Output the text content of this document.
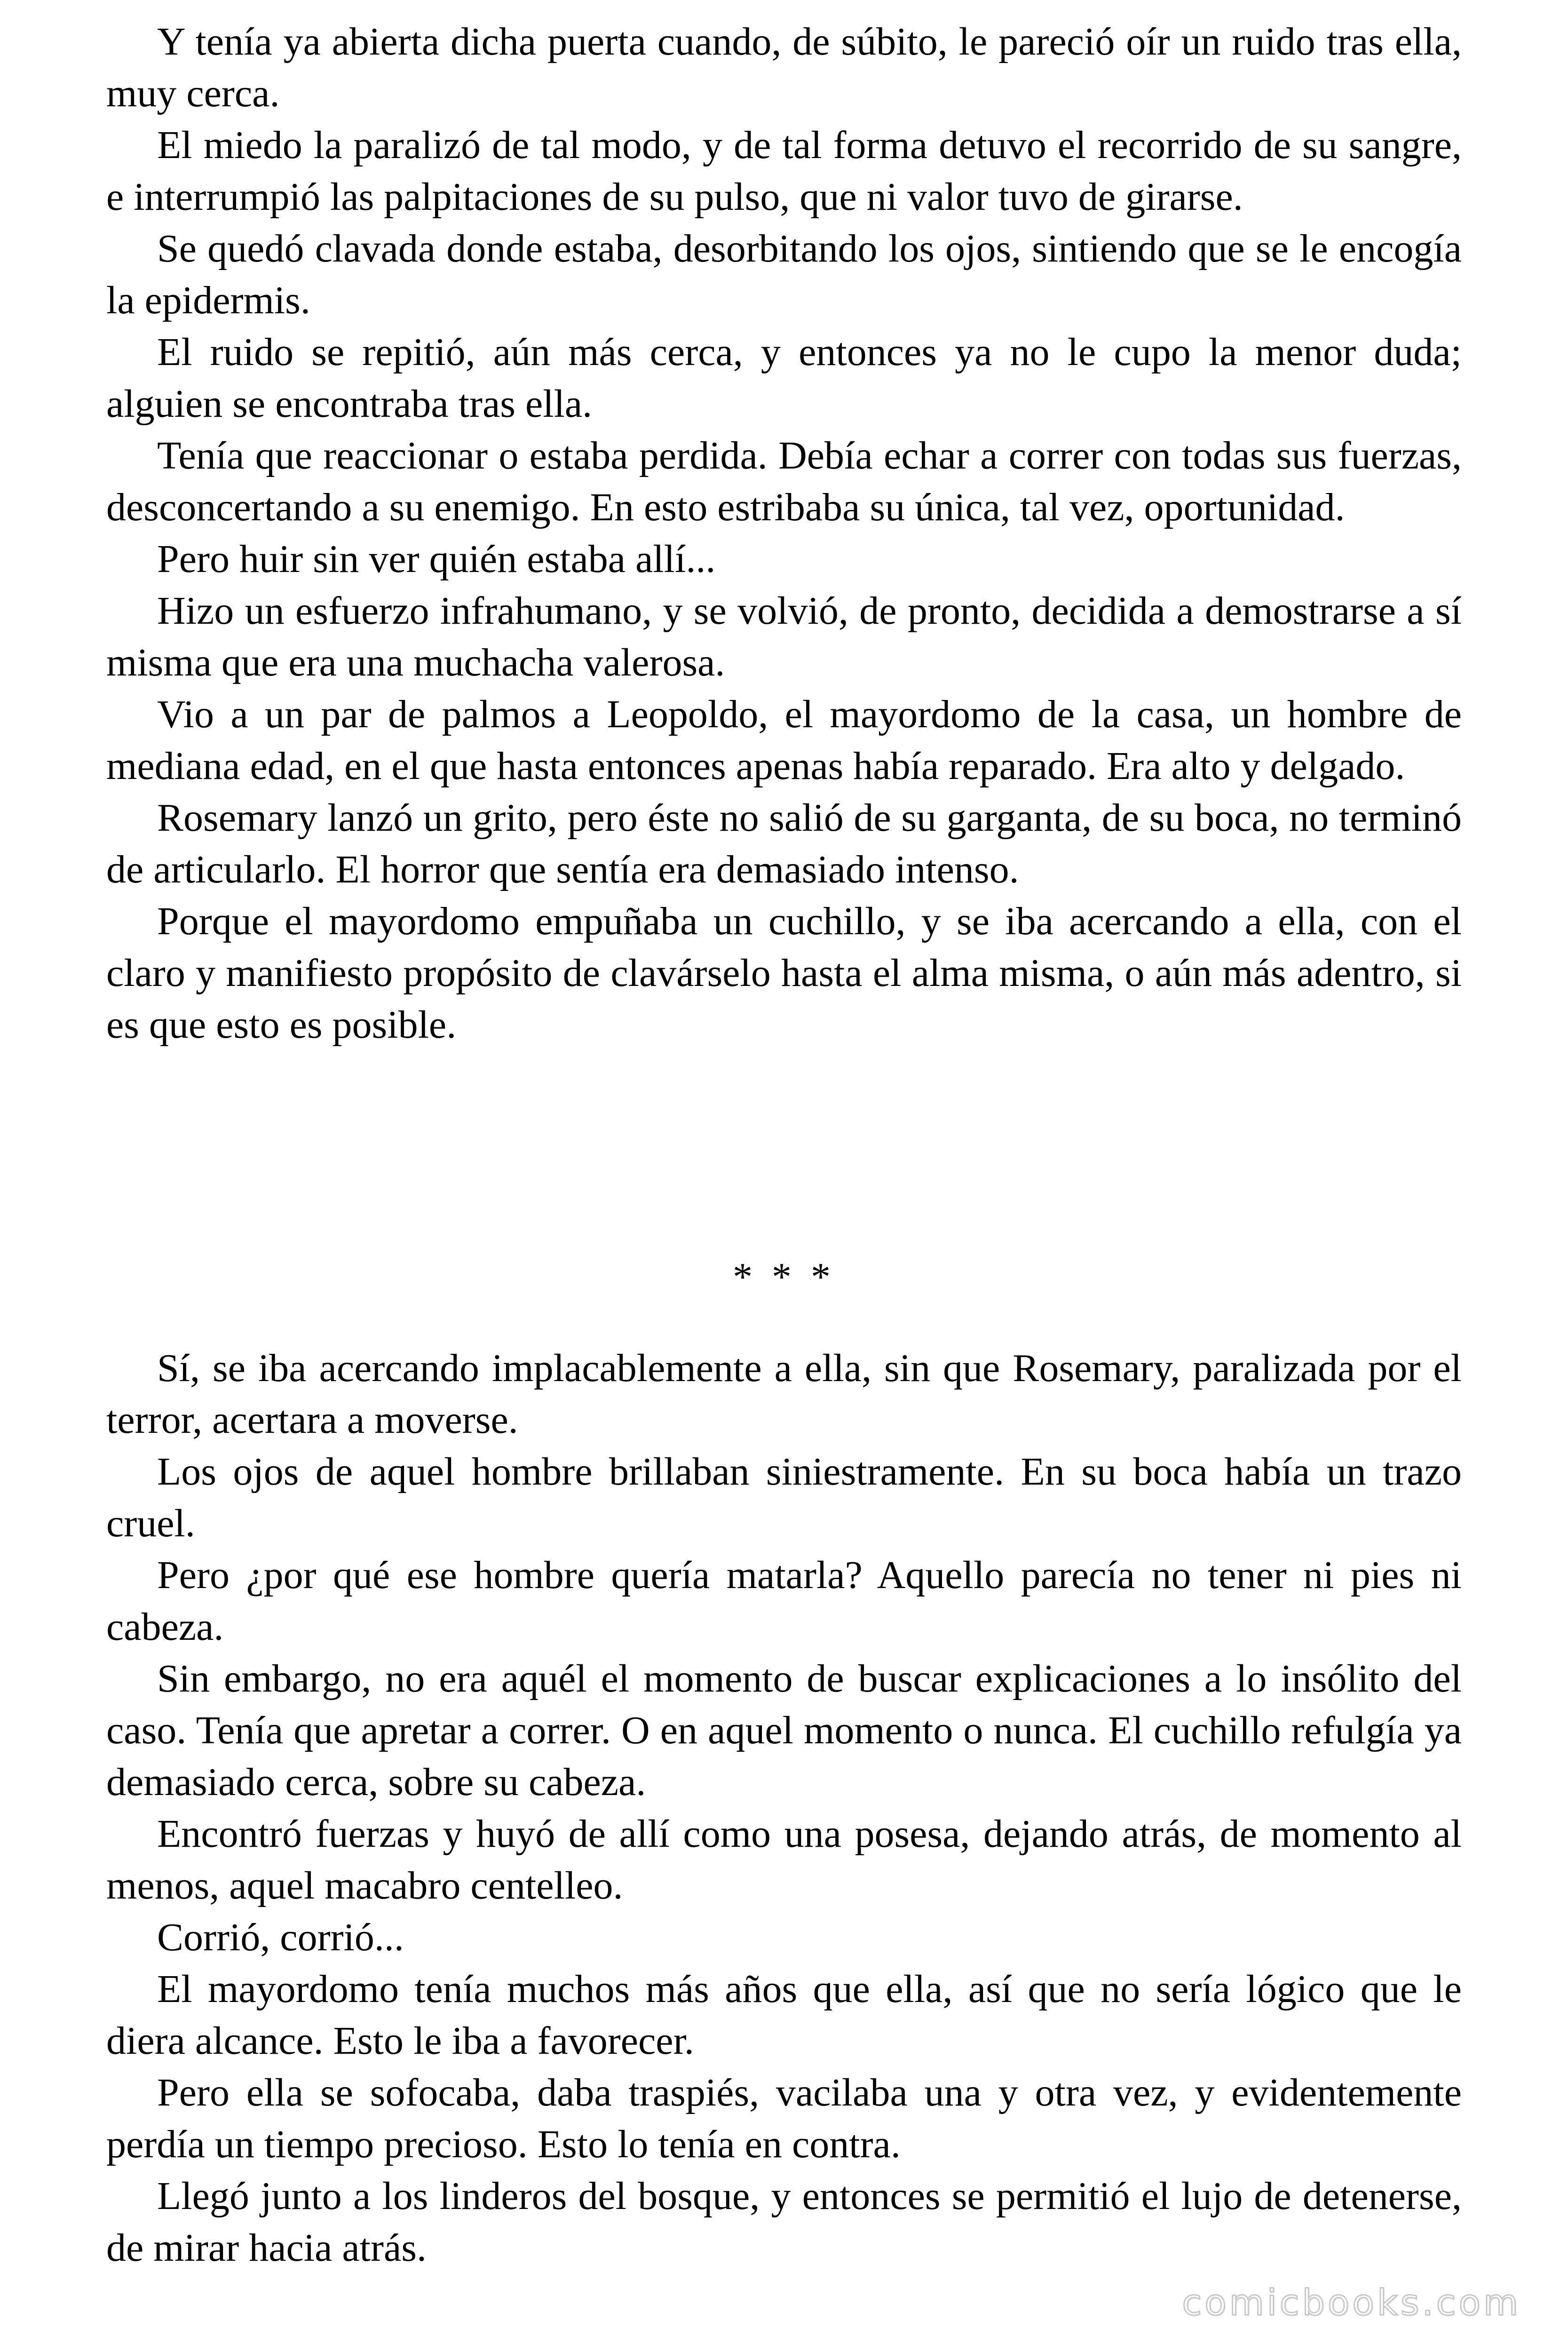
Y tenía ya abierta dicha puerta cuando, de súbito, le pareció oír un ruido tras ella, muy cerca.

El miedo la paralizó de tal modo, y de tal forma detuvo el recorrido de su sangre, e interrumpió las palpitaciones de su pulso, que ni valor tuvo de girarse.

Se quedó clavada donde estaba, desorbitando los ojos, sintiendo que se le encogía la epidermis.

El ruido se repitió, aún más cerca, y entonces ya no le cupo la menor duda; alguien se encontraba tras ella.

Tenía que reaccionar o estaba perdida. Debía echar a correr con todas sus fuerzas, desconcertando a su enemigo. En esto estribaba su única, tal vez, oportunidad.

Pero huir sin ver quién estaba allí...

Hizo un esfuerzo infrahumano, y se volvió, de pronto, decidida a demostrarse a sí misma que era una muchacha valerosa.

Vio a un par de palmos a Leopoldo, el mayordomo de la casa, un hombre de mediana edad, en el que hasta entonces apenas había reparado. Era alto y delgado.

Rosemary lanzó un grito, pero éste no salió de su garganta, de su boca, no terminó de articularlo. El horror que sentía era demasiado intenso.

Porque el mayordomo empuñaba un cuchillo, y se iba acercando a ella, con el claro y manifiesto propósito de clavárselo hasta el alma misma, o aún más adentro, si es que esto es posible.

* * *

Sí, se iba acercando implacablemente a ella, sin que Rosemary, paralizada por el terror, acertara a moverse.

Los ojos de aquel hombre brillaban siniestramente. En su boca había un trazo cruel.

Pero ¿por qué ese hombre quería matarla? Aquello parecía no tener ni pies ni cabeza.

Sin embargo, no era aquél el momento de buscar explicaciones a lo insólito del caso. Tenía que apretar a correr. O en aquel momento o nunca. El cuchillo refulgía ya demasiado cerca, sobre su cabeza.

Encontró fuerzas y huyó de allí como una posesa, dejando atrás, de momento al menos, aquel macabro centelleo.

Corrió, corrió...

El mayordomo tenía muchos más años que ella, así que no sería lógico que le diera alcance. Esto le iba a favorecer.

Pero ella se sofocaba, daba traspiés, vacilaba una y otra vez, y evidentemente perdía un tiempo precioso. Esto lo tenía en contra.

Llegó junto a los linderos del bosque, y entonces se permitió el lujo de detenerse, de mirar hacia atrás.

comicbooks.com
